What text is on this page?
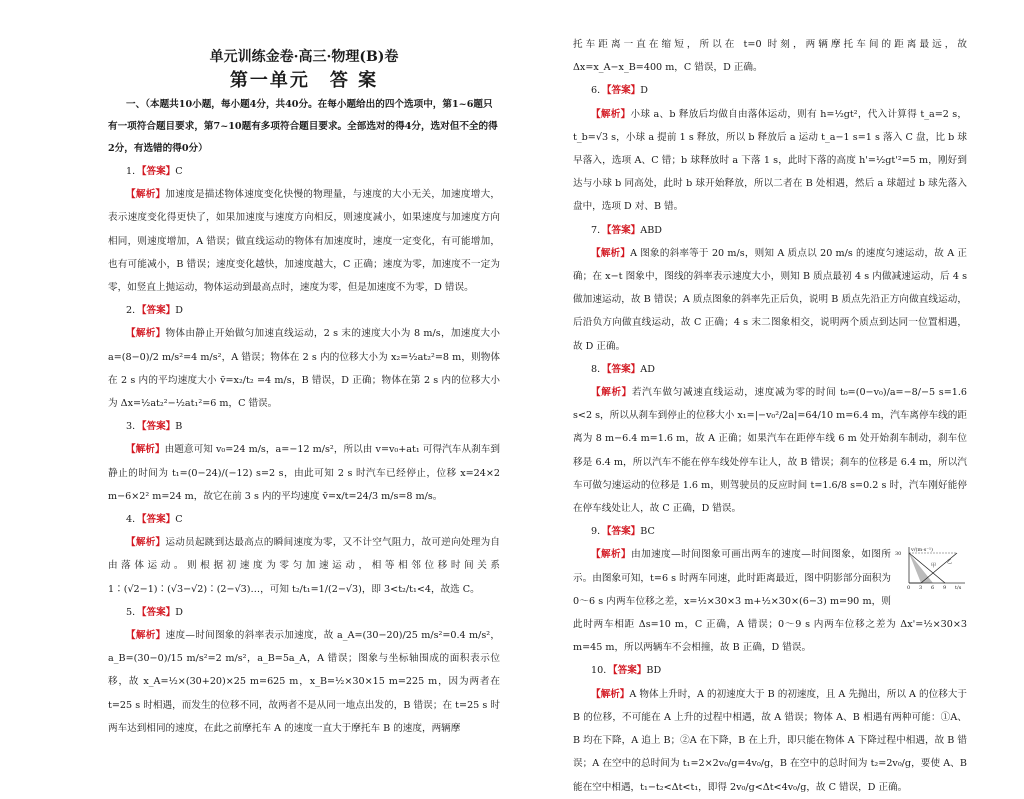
单元训练金卷·高三·物理(B)卷
第一单元　答 案
一、（本题共10小题，每小题4分，共40分。在每小题给出的四个选项中，第1~6题只有一项符合题目要求，第7~10题有多项符合题目要求。全部选对的得4分，选对但不全的得2分，有选错的得0分）

1．【答案】C

【解析】加速度是描述物体速度变化快慢的物理量，与速度的大小无关，加速度增大，表示速度变化得更快了，如果加速度与速度方向相反，则速度减小，如果速度与加速度方向相同，则速度增加，A 错误；做直线运动的物体有加速度时，速度一定变化，有可能增加，也有可能减小，B 错误；速度变化越快，加速度越大，C 正确；速度为零，加速度不一定为零，如竖直上抛运动，物体运动到最高点时，速度为零，但是加速度不为零，D 错误。

2．【答案】D

【解析】物体由静止开始做匀加速直线运动，2 s 末的速度大小为 8 m/s，加速度大小 a=(8−0)/2 m/s²=4 m/s²，A 错误；物体在 2 s 内的位移大小为 x₂=½at₂²=8 m，则物体在 2 s 内的平均速度大小 v̄=x₂/t₂ =4 m/s，B 错误，D 正确；物体在第 2 s 内的位移大小为 Δx=½at₂²−½at₁²=6 m，C 错误。

3．【答案】B

【解析】由题意可知 v₀=24 m/s，a=−12 m/s²，所以由 v=v₀+at₁ 可得汽车从刹车到静止的时间为 t₁=(0−24)/(−12) s=2 s，由此可知 2 s 时汽车已经停止，位移 x=24×2 m−6×2² m=24 m，故它在前 3 s 内的平均速度 v̄=x/t=24/3 m/s=8 m/s。

4．【答案】C

【解析】运动员起跳到达最高点的瞬间速度为零，又不计空气阻力，故可逆向处理为自由落体运动。则根据初速度为零匀加速运动，相等相邻位移时间关系 1∶(√2−1)∶(√3−√2)∶(2−√3)…，可知 t₂/t₁=1/(2−√3)，即 3<t₂/t₁<4，故选 C。

5．【答案】D

【解析】速度—时间图象的斜率表示加速度，故 a_A=(30−20)/25 m/s²=0.4 m/s²，a_B=(30−0)/15 m/s²=2 m/s²，a_B=5a_A，A 错误；图象与坐标轴围成的面积表示位移，故 x_A=½×(30+20)×25 m=625 m，x_B=½×30×15 m=225 m，因为两者在 t=25 s 时相遇，而发生的位移不同，故两者不是从同一地点出发的，B 错误；在 t=25 s 时两车达到相同的速度，在此之前摩托车 A 的速度一直大于摩托车 B 的速度，两辆摩

托车距离一直在缩短，所以在 t=0 时刻，两辆摩托车间的距离最远，故 Δx=x_A−x_B=400 m，C 错误，D 正确。

6．【答案】D

【解析】小球 a、b 释放后均做自由落体运动，则有 h=½gt²，代入计算得 t_a=2 s，t_b=√3 s，小球 a 提前 1 s 释放，所以 b 释放后 a 运动 t_a−1 s=1 s 落入 C 盘，比 b 球早落入，选项 A、C 错；b 球释放时 a 下落 1 s，此时下落的高度 h'=½gt'²=5 m，刚好到达与小球 b 同高处，此时 b 球开始释放，所以二者在 B 处相遇，然后 a 球超过 b 球先落入盘中，选项 D 对、B 错。

7．【答案】ABD

【解析】A 图象的斜率等于 20 m/s，则知 A 质点以 20 m/s 的速度匀速运动，故 A 正确；在 x−t 图象中，图线的斜率表示速度大小，则知 B 质点最初 4 s 内做减速运动，后 4 s 做加速运动，故 B 错误；A 质点图象的斜率先正后负，说明 B 质点先沿正方向做直线运动，后沿负方向做直线运动，故 C 正确；4 s 末二图象相交，说明两个质点到达同一位置相遇，故 D 正确。

8．【答案】AD

【解析】若汽车做匀减速直线运动，速度减为零的时间 t₀=(0−v₀)/a=−8/−5 s=1.6 s<2 s，所以从刹车到停止的位移大小 x₁=|−v₀²/2a|=64/10 m=6.4 m，汽车离停车线的距离为 8 m−6.4 m=1.6 m，故 A 正确；如果汽车在距停车线 6 m 处开始刹车制动，刹车位移是 6.4 m，所以汽车不能在停车线处停车让人，故 B 错误；刹车的位移是 6.4 m，所以汽车可做匀速运动的位移是 1.6 m，则驾驶员的反应时间 t=1.6/8 s=0.2 s 时，汽车刚好能停在停车线处让人，故 C 正确，D 错误。

9．【答案】BC

30
0 3 6 9
v/(m·s⁻¹)
t/s
甲
乙
【解析】由加速度—时间图象可画出两车的速度—时间图象，如图所示。由图象可知，t=6 s 时两车同速，此时距离最近，图中阴影部分面积为 0～6 s 内两车位移之差，x=½×30×3 m+½×30×(6−3) m=90 m，则此时两车相距 Δs=10 m，C 正确，A 错误；0～9 s 内两车位移之差为 Δx'=½×30×3 m=45 m，所以两辆车不会相撞，故 B 正确，D 错误。

10．【答案】BD

【解析】A 物体上升时，A 的初速度大于 B 的初速度，且 A 先抛出，所以 A 的位移大于 B 的位移，不可能在 A 上升的过程中相遇，故 A 错误；物体 A、B 相遇有两种可能：①A、B 均在下降，A 追上 B；②A 在下降，B 在上升，即只能在物体 A 下降过程中相遇，故 B 错误；A 在空中的总时间为 t₁=2×2v₀/g=4v₀/g，B 在空中的总时间为 t₂=2v₀/g，要使 A、B 能在空中相遇，t₁−t₂<Δt<t₁，即得 2v₀/g<Δt<4v₀/g，故 C 错误，D 正确。
